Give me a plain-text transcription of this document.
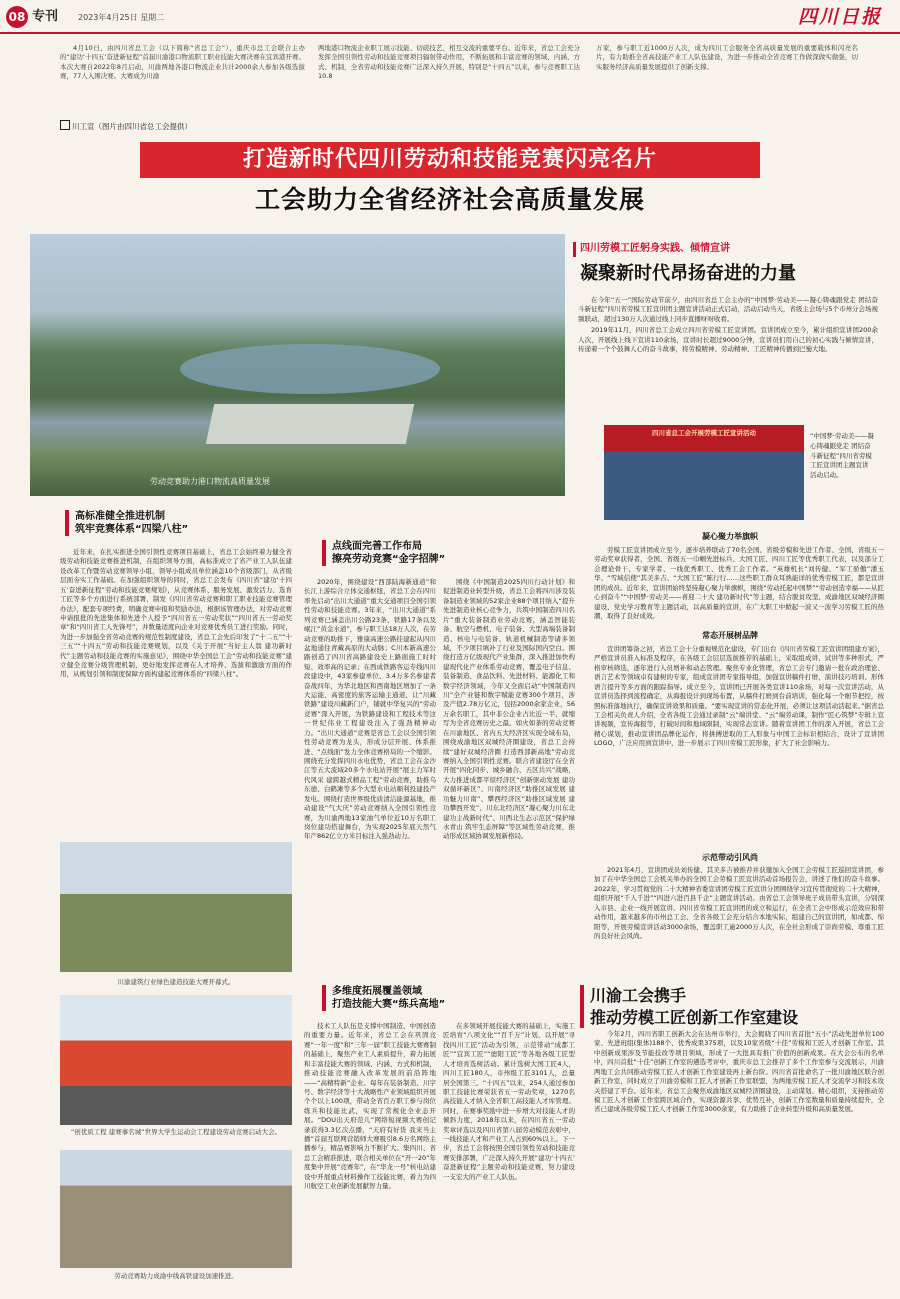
08 专刊 2023年4月25日 星期二	四川日报

4月10日，由四川省总工会（以下简称“省总工会”）、重庆市总工会联合主办的“建功‘十四五’奋进新征程”首届川渝港口物流职工职业技能大赛决赛在宜宾港开赛。本次大赛自2022年8月启动，川渝两地各港口物流企业共计2000余人参加各级选拔赛，77人入围决赛。大赛成为川渝

两地港口物流企业职工展示技能、切磋技艺、相互交流的重要平台。近年来，省总工会充分发挥全国引领性劳动和技能竞赛项目辐射带动作用，不断拓展和丰富竞赛的领域、内涵、方式、机制，全省劳动和技能竞赛广泛深入持久开展，特别是“十四五”以来，参与竞赛职工达10.8

万家，参与职工近1000万人次，成为四川工会服务全省高质量发展的重要载体和闪亮名片，有力助推全省高技能产业工人队伍建设，为进一步推动全省竞赛工作做深做实做强，切实服务经济高质量发展提供了创新支撑。

川工宣（图片由四川省总工会提供）
打造新时代四川劳动和技能竞赛闪亮名片
工会助力全省经济社会高质量发展
劳动竞赛助力港口物流高质量发展
四川劳模工匠躬身实践、倾情宣讲
凝聚新时代昂扬奋进的力量

在今年“五一”国际劳动节前夕，由四川省总工会主办的“中国梦·劳动美——凝心铸魂跟党走 团结奋斗新征程”四川省劳模工匠宣讲团主题宣讲活动正式启动，活动启动当天，省级主会场与5个市州分会场视频联动，超过130万人次通过线上同步直播呀呀收看。

2019年11月，四川省总工会成立四川省劳模工匠宣讲团。宣讲团成立至今，累计组织宣讲团200余人次，开展线上线下宣讲110余场，宣讲时长超过9000分钟，宣讲员们用自己的初心实践与倾情宣讲，传递着一个个鼓舞人心的奋斗故事，将劳模精神、劳动精神、工匠精神传播到巴蜀大地。

四川省总工会开展劳模工匠宣讲活动	“中国梦·劳动美——凝心铸魂跟党走 团结奋斗新征程”四川省劳模工匠宣讲团主题宣讲活动启动。
凝心聚力举旗帜

劳模工匠宣讲团成立至今，逐步培养联动了70名全国、省级劳模和先进工作者、全国、省级五一劳动奖章获得者，全国、省级五一巾帼先进标兵、大国工匠、四川工匠等优秀职工代表，以及部分工会理论骨干、专家学者、一线优秀职工、优秀工会工作者。“英雄机长”刘传健、“军工骄傲”潘玉华、“雪域信使”其美多吉、“大国工匠”陈行行……这些职工群众耳熟能详的优秀劳模工匠，都是宣讲团的成员。近年来，宣讲团始终坚持凝心聚力举旗帜，围绕“劳动托起中国梦”“劳动创造幸福——从匠心到奋斗”“中国梦·劳动美——喜迎二十大 建功新时代”等主题，结合脱贫攻坚、成渝地区双城经济圈建设、党史学习教育等主题活动，以高质量的宣讲，在广大职工中掀起一波又一波学习劳模工匠的热潮，取得了良好成效。

常态开展树品牌

宣讲团筹备之初，省总工会十分重视规范化建设，专门出台《四川省劳模工匠宣讲团组建方案》，严格宣讲员准入标准及程序，在各级工会层层选拔推荐的基础上，采取组成讲、试讲等多种形式，严格审核筛选，逐年进行人员增补和动态管理。聚焦专业化管理，省总工会专门邀请一批在政治理论、语言艺术等领域卓有建树的专家，组成宣讲团专家指导组，加强宣讲稿件打磨，演讲技巧培训、形体语言提升等多方面的跟踪指导。成立至今，宣讲团已开展各类宣讲110余场，对每一次宣讲活动，从宣讲员选择到流程确定，从海报设计到现场布置，从稿件打磨到台前培训，强化每一个细节把控，按照标准落地执行，确保宣讲效果和质量。“要实现宣讲的常态化开展，必须让这项活动活起来。”据省总工会相关负责人介绍，全省各级工会通过录制“云”端讲堂、“云”端劳动课，制作“匠心筑梦”专辑上宣讲视频，宣传海报等，打破时间和地域限制，实现常态宣讲。随着宣讲团工作的深入开展，省总工会精心谋划，推动宣讲团品牌化运作，将拼搏进取的工人形象与中国工会标识相结合，设计了宣讲团LOGO，广泛应用到宣讲中，进一步展示了四川劳模工匠形象，扩大了社会影响力。

示范带动引风尚

2021年4月，宣讲团成员刘传健、其美多吉被推荐并获邀加入全国工会劳模工匠巡回宣讲团，参加了在中华全国总工会机关举办的全国工会劳模工匠宣讲活动首场报告会，讲述了他们的奋斗故事。2022年，学习贯彻党的二十大精神省委宣讲团劳模工匠宣讲分团围绕学习宣传贯彻党的二十大精神，组织开展“千人千进”“四进六进百县千企”主题宣讲活动。由省总工会领导班子成员带头宣讲，分别深入市县、企业一线开展宣讲。四川省劳模工匠宣讲团的成立和运行，在全省工会中形成示范效应和带动作用，越来越多的市州总工会、全省各级工会充分结合本地实际，组建自己的宣讲团，如成都、绵阳等，开展劳模宣讲活动3000余场，覆盖职工逾2000万人次，在全社会形成了崇尚劳模、尊重工匠的良好社会风尚。

川渝工会携手
推动劳模工匠创新工作室建设

今年2月，四川省职工创新大会在达州市举行，大会揭晓了四川省首批“五小”活动先进单位100家、先进班组(集体)188个、优秀成果375项，以及10家省级“十佳”劳模和工匠人才创新工作室。其中创新成果涉及节能技改等项目领域，形成了一大批具有推广价值的创新成果。在大会公布的名单中，四川首批“十佳”创新工作室的遴选考评中，重庆市总工会推荐了多个工作室参与交流展示，川渝两地工会共同推动劳模工匠人才创新工作室建设再上新台阶。四川省首批命名了一批川渝地区联合创新工作室，同时成立了川渝劳模和工匠人才创新工作室联盟，为两地劳模工匠人才交流学习和技术攻关搭建了平台。近年来，省总工会聚焦成渝地区双城经济圈建设，主动谋划、精心组织，支持推动劳模工匠人才创新工作室跨区域合作，实现资源共享、优势互补，创新工作室数量和质量持续提升，全省已建成各级劳模工匠人才创新工作室3000余家，有力助推了企业转型升级和高质量发展。

高标准健全推进机制
筑牢竞赛体系“四梁八柱”

近年来，在扎实推进全国引领性竞赛项目基础上，省总工会始终着力健全省级劳动和技能竞赛推进机制，在组织领导方面，高标准成立了省产业工人队伍建设改革工作暨劳动竞赛领导小组，领导小组成员单位涵盖10个省级部门，从省级层面夯实工作基础。在加强组织领导的同时，省总工会发布《四川省“建功‘十四五’奋进新征程”劳动和技能竞赛规划》，从竞赛体系、服务发展、激发活力、选育工匠等多个方面进行系统部署，制发《四川省劳动竞赛和职工职业技能竞赛管理办法》，配套专项经费，明确竞赛申报和奖励办法，根据该管理办法，对劳动竞赛申请报批的先进集体和先进个人授予“四川省五一劳动奖状”“四川省五一劳动奖章”和“四川省工人先锋号”，并数量适度向企业对竞赛优秀员工进行奖励。同时，为进一步加强全省劳动竞赛的规范性制度建设，省总工会先后印发了“十二五”“十三五”“十四五”劳动和技能竞赛规划，以及《关于开展“当好主人翁 建功新时代”主题劳动和技能竞赛的实施意见》，围绕中华全国总工会“劳动和技能竞赛”建立健全竞赛分级管理机制，更好地发挥竞赛在人才培养、选拔和激励方面的作用，从规划引领和制度保障方面构建起竞赛体系的“四梁八柱”。

川渝建筑行业绿色建造技能大赛开幕式。
“创优质工程 建赛事名城”世界大学生运动会工程建设劳动竞赛启动大会。
劳动竞赛助力成渝中线高铁建设加速推进。
点线面完善工作布局
擦亮劳动竞赛“金字招牌”

2020年，围绕建设“西部陆海新通道”和长江上游综合立体交通枢纽，省总工会在四川率先启动“出川大通道”重大交通项目全国引领性劳动和技能竞赛。3年来，“出川大通道”系列竞赛已涵盖出川公路23条、铁路17条以及岷江“黄金水道”，参与职工达18万人次，在劳动竞赛的助推下，雅康高速公路挂建起从四川盆地通往青藏高原的大动脉；C川本新高速公路创造了四川省高路建设史上路面施工时时短、效率高的记录；在西成铁路客运专线四川段建设中，43家参建单位、3.4万多名参建者奋战四年，为华北地区和西南地区增加了一条大运能、高密度的旅客运输主通道，让“川藏铁路”建设川藏新门户，铺就中华复兴的“劳动竞赛”深入开展，为铁路建设和工程技术等这一世纪伟业工程建设注入了强劲精神动力。“出川大通道”竞赛是省总工会以全国引领性劳动竞赛为龙头，形成分层开展、体系推进、“点线面”发力全体竞赛格局的一个缩影。围绕充分发挥四川水电优势，省总工会在金沙江等五大流域20多个水电站开展“展主力军时代风采 建跨越式精品工程”劳动竞赛，助推乌东德、白鹤滩等多个大型水电站顺利投建投产发电。围绕打造世界级优质清洁能源基地，推动建设“气大庆”劳动竞赛纳入全国引领性竞赛，为川渝两地13家油气单位近10万名职工岗位建功搭建舞台，为实现2025年底天然气年产862亿立方米目标注入强劲动力。

围绕《中国制造2025四川行动计划》和促进制造业转型升级，省总工会将四川涉及装备制造业领域的52家企业88个项目纳入“提升先进制造业核心竞争力，共筑中国制造四川名片”重大装备制造业劳动竞赛，涵盖智能装备、航空与燃机、电子装备、大型高端装备制造、核电与电装备、轨道机械制造等诸多领域，不少项目填补了行业及国际国内空白。围绕打造万亿级现代产业集群，深入推进加快构建现代化产业体系劳动竞赛，覆盖电子信息、装备制造、食品饮料、先进材料、能源化工和数字经济领域，今年又全面启动“中国制造四川”全产业链和数字赋能竞赛300个项目，涉及产值2.78万亿元，包括2000余家企业，56万余名职工，其中非公企业占比近一半，就缩写为全省竞赛历史之最。如火如荼的劳动竞赛在川渝地区、省内五大经济区实现全域布局，围绕成渝地区双城经济圈建设，省总工会持续“建好双城经济圈 打造西部新高地”劳动竞赛纳入全国引领性竞赛。联合省建设厅在全省开展“四化同步、城乡融合、五区共兴”战略，大力推进成都平原经济区“创新驱动发展 建功双循环新区”、川南经济区“助推区域发展 建功魅力川南”、攀西经济区“助推区域发展 建功攀西开发”、川东北经济区“凝心聚力川东北 建功主战新时代”、川西北生态示范区“保护绿水青山 筑牢生态屏障”等区域性劳动竞赛，推动形成区域协调发展新格局。

多维度拓展覆盖领域
打造技能大赛“练兵高地”

技术工人队伍是支撑中国制造、中国创造的重要力量。近年来，省总工会在巩固竞赛“一年一度”和“三年一届”职工技能大赛赛制的基础上，聚焦产业工人素质提升，着力拓展和丰富技能大赛的领域、内涵、方式和机制，推动技能竞赛融入改革发展的前沿阵地——“高精特新”企业。每年在装备制造、川字号、数字经济等十大战略性产业领域组织开展个个以上100项，带动全省百万职工参与岗位练兵和技能比武，实现了常规化全业态开展。“DOU出天府范儿”网络短视频大赛创记录获得3.3亿次点播，“天府有好货 我来当主播”首届互联网营销师大赛吸引8.6万名网络主播参与，精品赛影响力不断扩大。集四川、省总工会精准推进，联合相关单位在“开一20”年度集中开展“竞赛年”，在“华龙一号”核电站建设中开展重点材料操作工技能比赛，着力为四川航空工业创新发展献智力量。

在多领域开展技能大赛的基础上，实施工匠培育“八项文化”“百千万”计划，以开展“寻找四川工匠”活动为引领，示范带动“成都工匠”“宜宾工匠”“德阳工匠”等各地各级工匠型人才培育选树活动。累计选树大国工匠4人，四川工匠180人，市州级工匠3101人，总量居全国第三。“十四五”以来，254人通过参加职工技能比赛荣获省五一劳动奖章，1270名高技能人才纳入全省职工高技能人才库管理。同时，在赛事奖励中进一步增大对技能人才的倾斜力度，2018年以来，在四川省五一劳动奖章评选以及四川省第八届劳动模范表彰中，一线技能人才和产业工人占到60%以上。下一步，省总工会将按照全国引领性劳动和技能竞赛安排部署，广泛深入持久开展“建功‘十四五’ 奋进新征程”主题劳动和技能竞赛，努力建设一支宏大的产业工人队伍。
